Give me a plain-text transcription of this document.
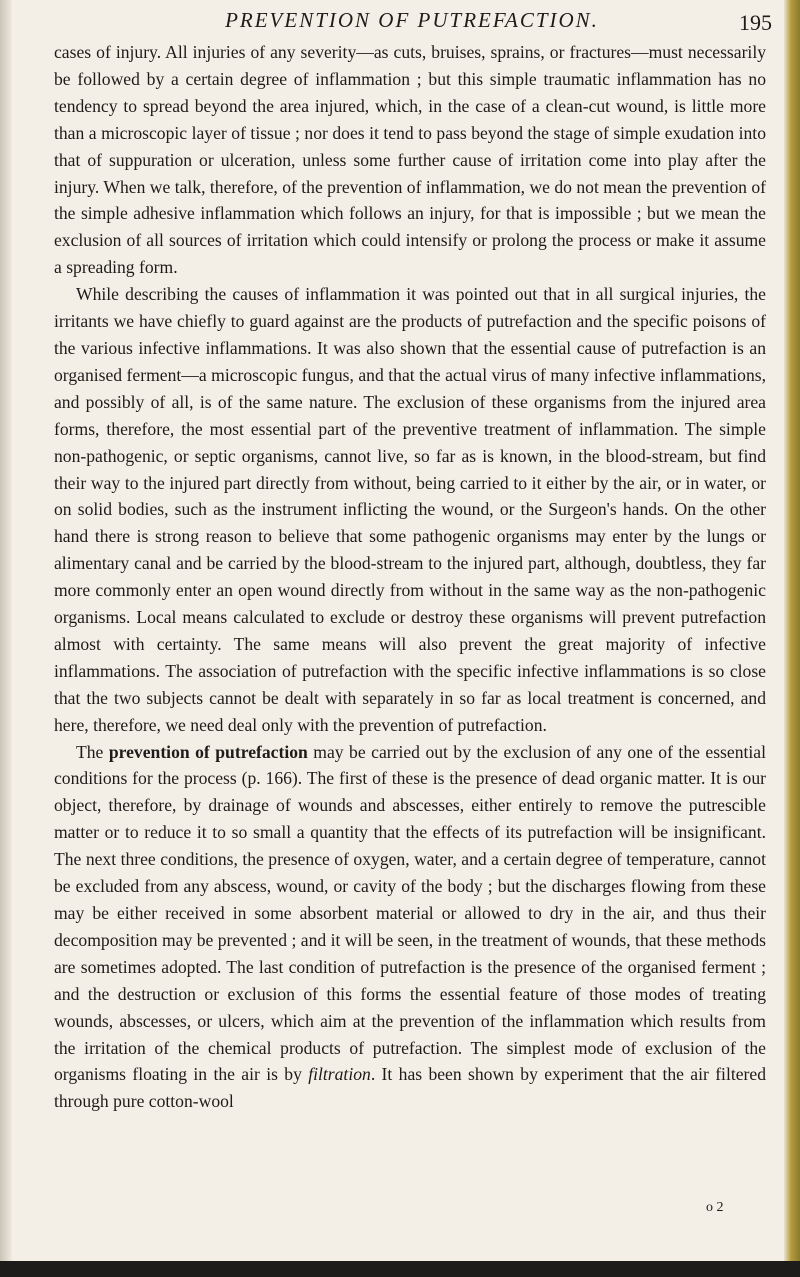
PREVENTION OF PUTREFACTION.	195

cases of injury. All injuries of any severity—as cuts, bruises, sprains, or fractures—must necessarily be followed by a certain degree of inflammation ; but this simple traumatic inflammation has no tendency to spread beyond the area injured, which, in the case of a clean-cut wound, is little more than a microscopic layer of tissue ; nor does it tend to pass beyond the stage of simple exudation into that of suppuration or ulceration, unless some further cause of irritation come into play after the injury. When we talk, therefore, of the prevention of inflammation, we do not mean the prevention of the simple adhesive inflammation which follows an injury, for that is impossible ; but we mean the exclusion of all sources of irritation which could intensify or prolong the process or make it assume a spreading form.

While describing the causes of inflammation it was pointed out that in all surgical injuries, the irritants we have chiefly to guard against are the products of putrefaction and the specific poisons of the various infective inflammations. It was also shown that the essential cause of putrefaction is an organised ferment—a microscopic fungus, and that the actual virus of many infective inflammations, and possibly of all, is of the same nature. The exclusion of these organisms from the injured area forms, therefore, the most essential part of the preventive treatment of inflammation. The simple non-pathogenic, or septic organisms, cannot live, so far as is known, in the blood-stream, but find their way to the injured part directly from without, being carried to it either by the air, or in water, or on solid bodies, such as the instrument inflicting the wound, or the Surgeon's hands. On the other hand there is strong reason to believe that some pathogenic organisms may enter by the lungs or alimentary canal and be carried by the blood-stream to the injured part, although, doubtless, they far more commonly enter an open wound directly from without in the same way as the non-pathogenic organisms. Local means calculated to exclude or destroy these organisms will prevent putrefaction almost with certainty. The same means will also prevent the great majority of infective inflammations. The association of putrefaction with the specific infective inflammations is so close that the two subjects cannot be dealt with separately in so far as local treatment is concerned, and here, therefore, we need deal only with the prevention of putrefaction.

The prevention of putrefaction may be carried out by the exclusion of any one of the essential conditions for the process (p. 166). The first of these is the presence of dead organic matter. It is our object, therefore, by drainage of wounds and abscesses, either entirely to remove the putrescible matter or to reduce it to so small a quantity that the effects of its putrefaction will be insignificant. The next three conditions, the presence of oxygen, water, and a certain degree of temperature, cannot be excluded from any abscess, wound, or cavity of the body ; but the discharges flowing from these may be either received in some absorbent material or allowed to dry in the air, and thus their decomposition may be prevented ; and it will be seen, in the treatment of wounds, that these methods are sometimes adopted. The last condition of putrefaction is the presence of the organised ferment ; and the destruction or exclusion of this forms the essential feature of those modes of treating wounds, abscesses, or ulcers, which aim at the prevention of the inflammation which results from the irritation of the chemical products of putrefaction. The simplest mode of exclusion of the organisms floating in the air is by filtration. It has been shown by experiment that the air filtered through pure cotton-wool

o 2
